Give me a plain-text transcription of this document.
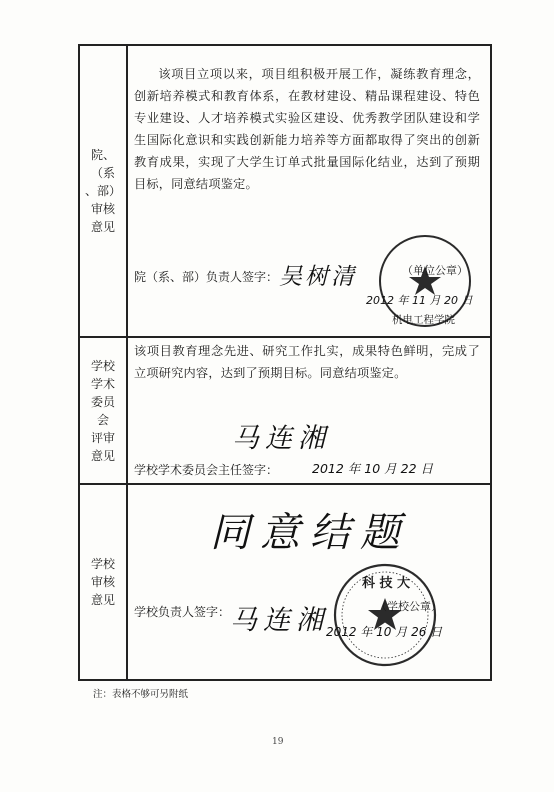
院、
（系
、部）
审核
意见
该项目立项以来，项目组积极开展工作，凝练教育理念，创新培养模式和教育体系，在教材建设、精品课程建设、特色专业建设、人才培养模式实验区建设、优秀教学团队建设和学生国际化意识和实践创新能力培养等方面都取得了突出的创新教育成果，实现了大学生订单式批量国际化结业，达到了预期目标，同意结项鉴定。
院（系、部）负责人签字： 吴树清	（单位公章）
机电工程学院
2012 年 11 月 20 日
学校
学术
委员
会
评审
意见
该项目教育理念先进、研究工作扎实，成果特色鲜明，完成了立项研究内容，达到了预期目标。同意结项鉴定。
马连湘
学校学术委员会主任签字：	2012 年 10 月 22 日
学校
审核
意见
同意结题
学校负责人签字： 马连湘
科 技 大
（学校公章）
2012 年 10 月 26 日
注：表格不够可另附纸
19
